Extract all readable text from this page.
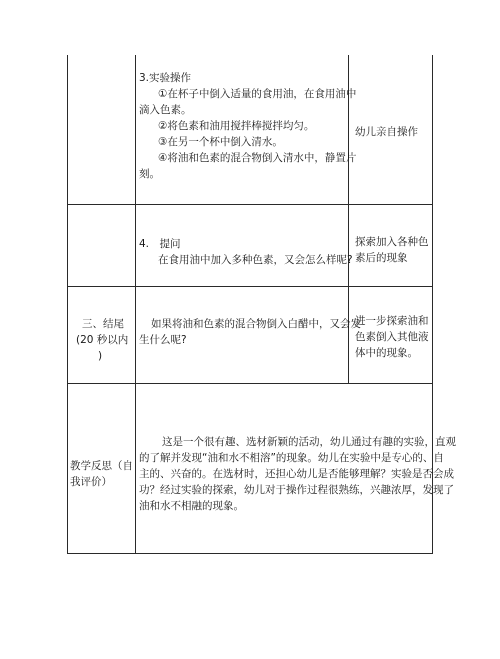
3.实验操作
①在杯子中倒入适量的食用油，在食用油中
滴入色素。
②将色素和油用搅拌棒搅拌均匀。
③在另一个杯中倒入清水。
④将油和色素的混合物倒入清水中，静置片
刻。
幼儿亲自操作
4.　提问
在食用油中加入多种色素，又会怎么样呢?
探索加入各种色
素后的现象
三、结尾
(20 秒以内
)
如果将油和色素的混合物倒入白醋中，又会发
生什么呢?
进一步探索油和
色素倒入其他液
体中的现象。
教学反思（自
我评价）
这是一个很有趣、选材新颖的活动，幼儿通过有趣的实验，直观
的了解并发现“油和水不相溶”的现象。幼儿在实验中是专心的、自
主的、兴奋的。在选材时，还担心幼儿是否能够理解？实验是否会成
功？经过实验的探索，幼儿对于操作过程很熟练，兴趣浓厚，发现了
油和水不相融的现象。
